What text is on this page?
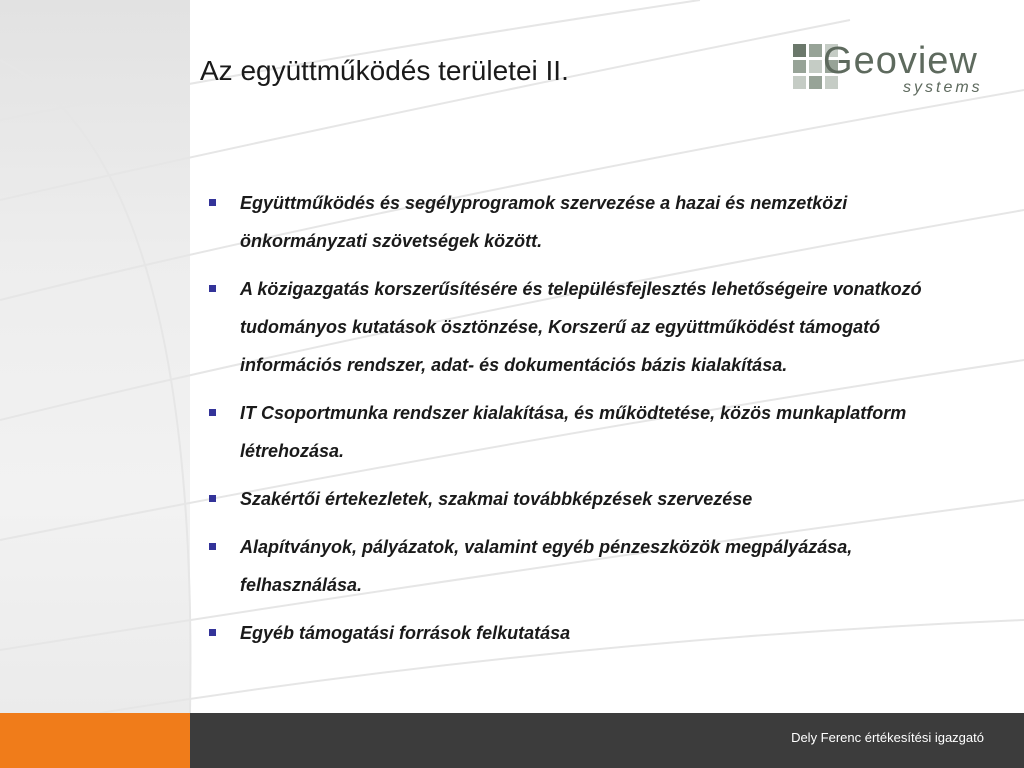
Az együttműködés területei II.	Geoview
systems
Együttműködés és segélyprogramok szervezése a hazai és nemzetközi önkormányzati szövetségek között.
A közigazgatás korszerűsítésére és településfejlesztés lehetőségeire vonatkozó tudományos kutatások ösztönzése, Korszerű az együttműködést támogató információs rendszer, adat- és dokumentációs bázis kialakítása.
IT Csoportmunka rendszer kialakítása, és működtetése, közös munkaplatform létrehozása.
Szakértői értekezletek, szakmai továbbképzések szervezése
Alapítványok, pályázatok, valamint egyéb pénzeszközök megpályázása, felhasználása.
Egyéb támogatási források felkutatása
Dely Ferenc értékesítési igazgató
